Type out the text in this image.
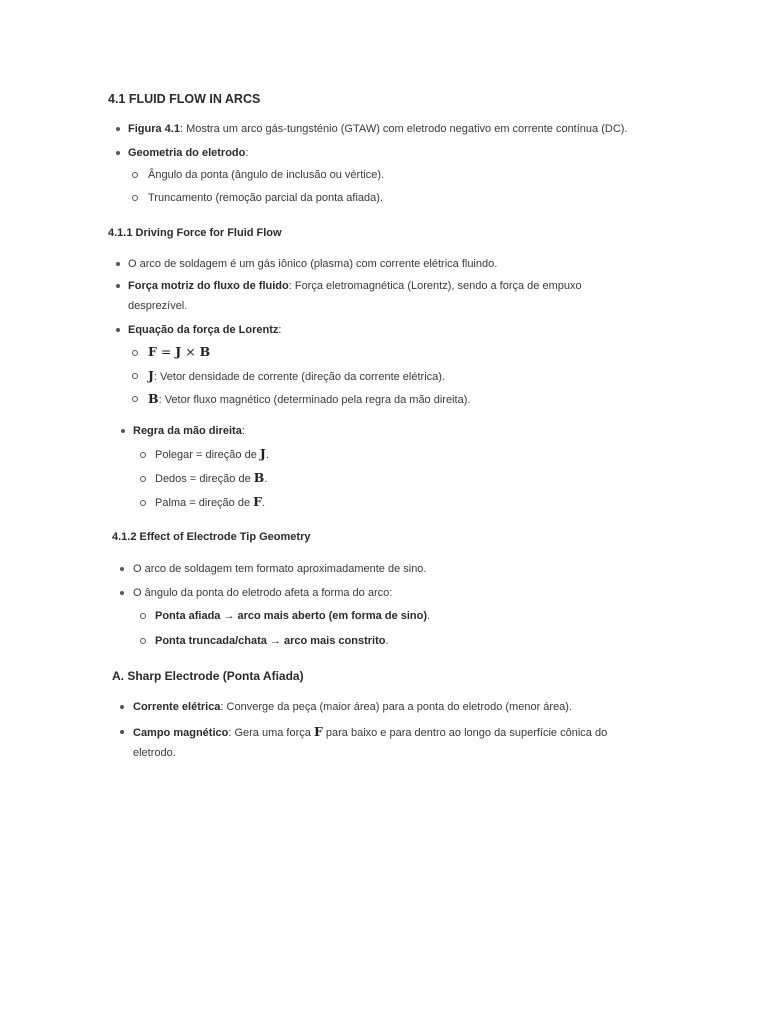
4.1 FLUID FLOW IN ARCS
Figura 4.1: Mostra um arco gás-tungsténio (GTAW) com eletrodo negativo em corrente contínua (DC).
Geometria do eletrodo:
Ângulo da ponta (ângulo de inclusão ou vértice).
Truncamento (remoção parcial da ponta afiada).
4.1.1 Driving Force for Fluid Flow
O arco de soldagem é um gás iônico (plasma) com corrente elétrica fluindo.
Força motriz do fluxo de fluido: Força eletromagnética (Lorentz), sendo a força de empuxo
desprezível.
Equação da força de Lorentz:
F = J × B
J: Vetor densidade de corrente (direção da corrente elétrica).
B: Vetor fluxo magnético (determinado pela regra da mão direita).
Regra da mão direita:
Polegar = direção de J.
Dedos = direção de B.
Palma = direção de F.
4.1.2 Effect of Electrode Tip Geometry
O arco de soldagem tem formato aproximadamente de sino.
O ângulo da ponta do eletrodo afeta a forma do arco:
Ponta afiada → arco mais aberto (em forma de sino).
Ponta truncada/chata → arco mais constrito.
A. Sharp Electrode (Ponta Afiada)
Corrente elétrica: Converge da peça (maior área) para a ponta do eletrodo (menor área).
Campo magnético: Gera uma força F para baixo e para dentro ao longo da superfície cônica do
eletrodo.
